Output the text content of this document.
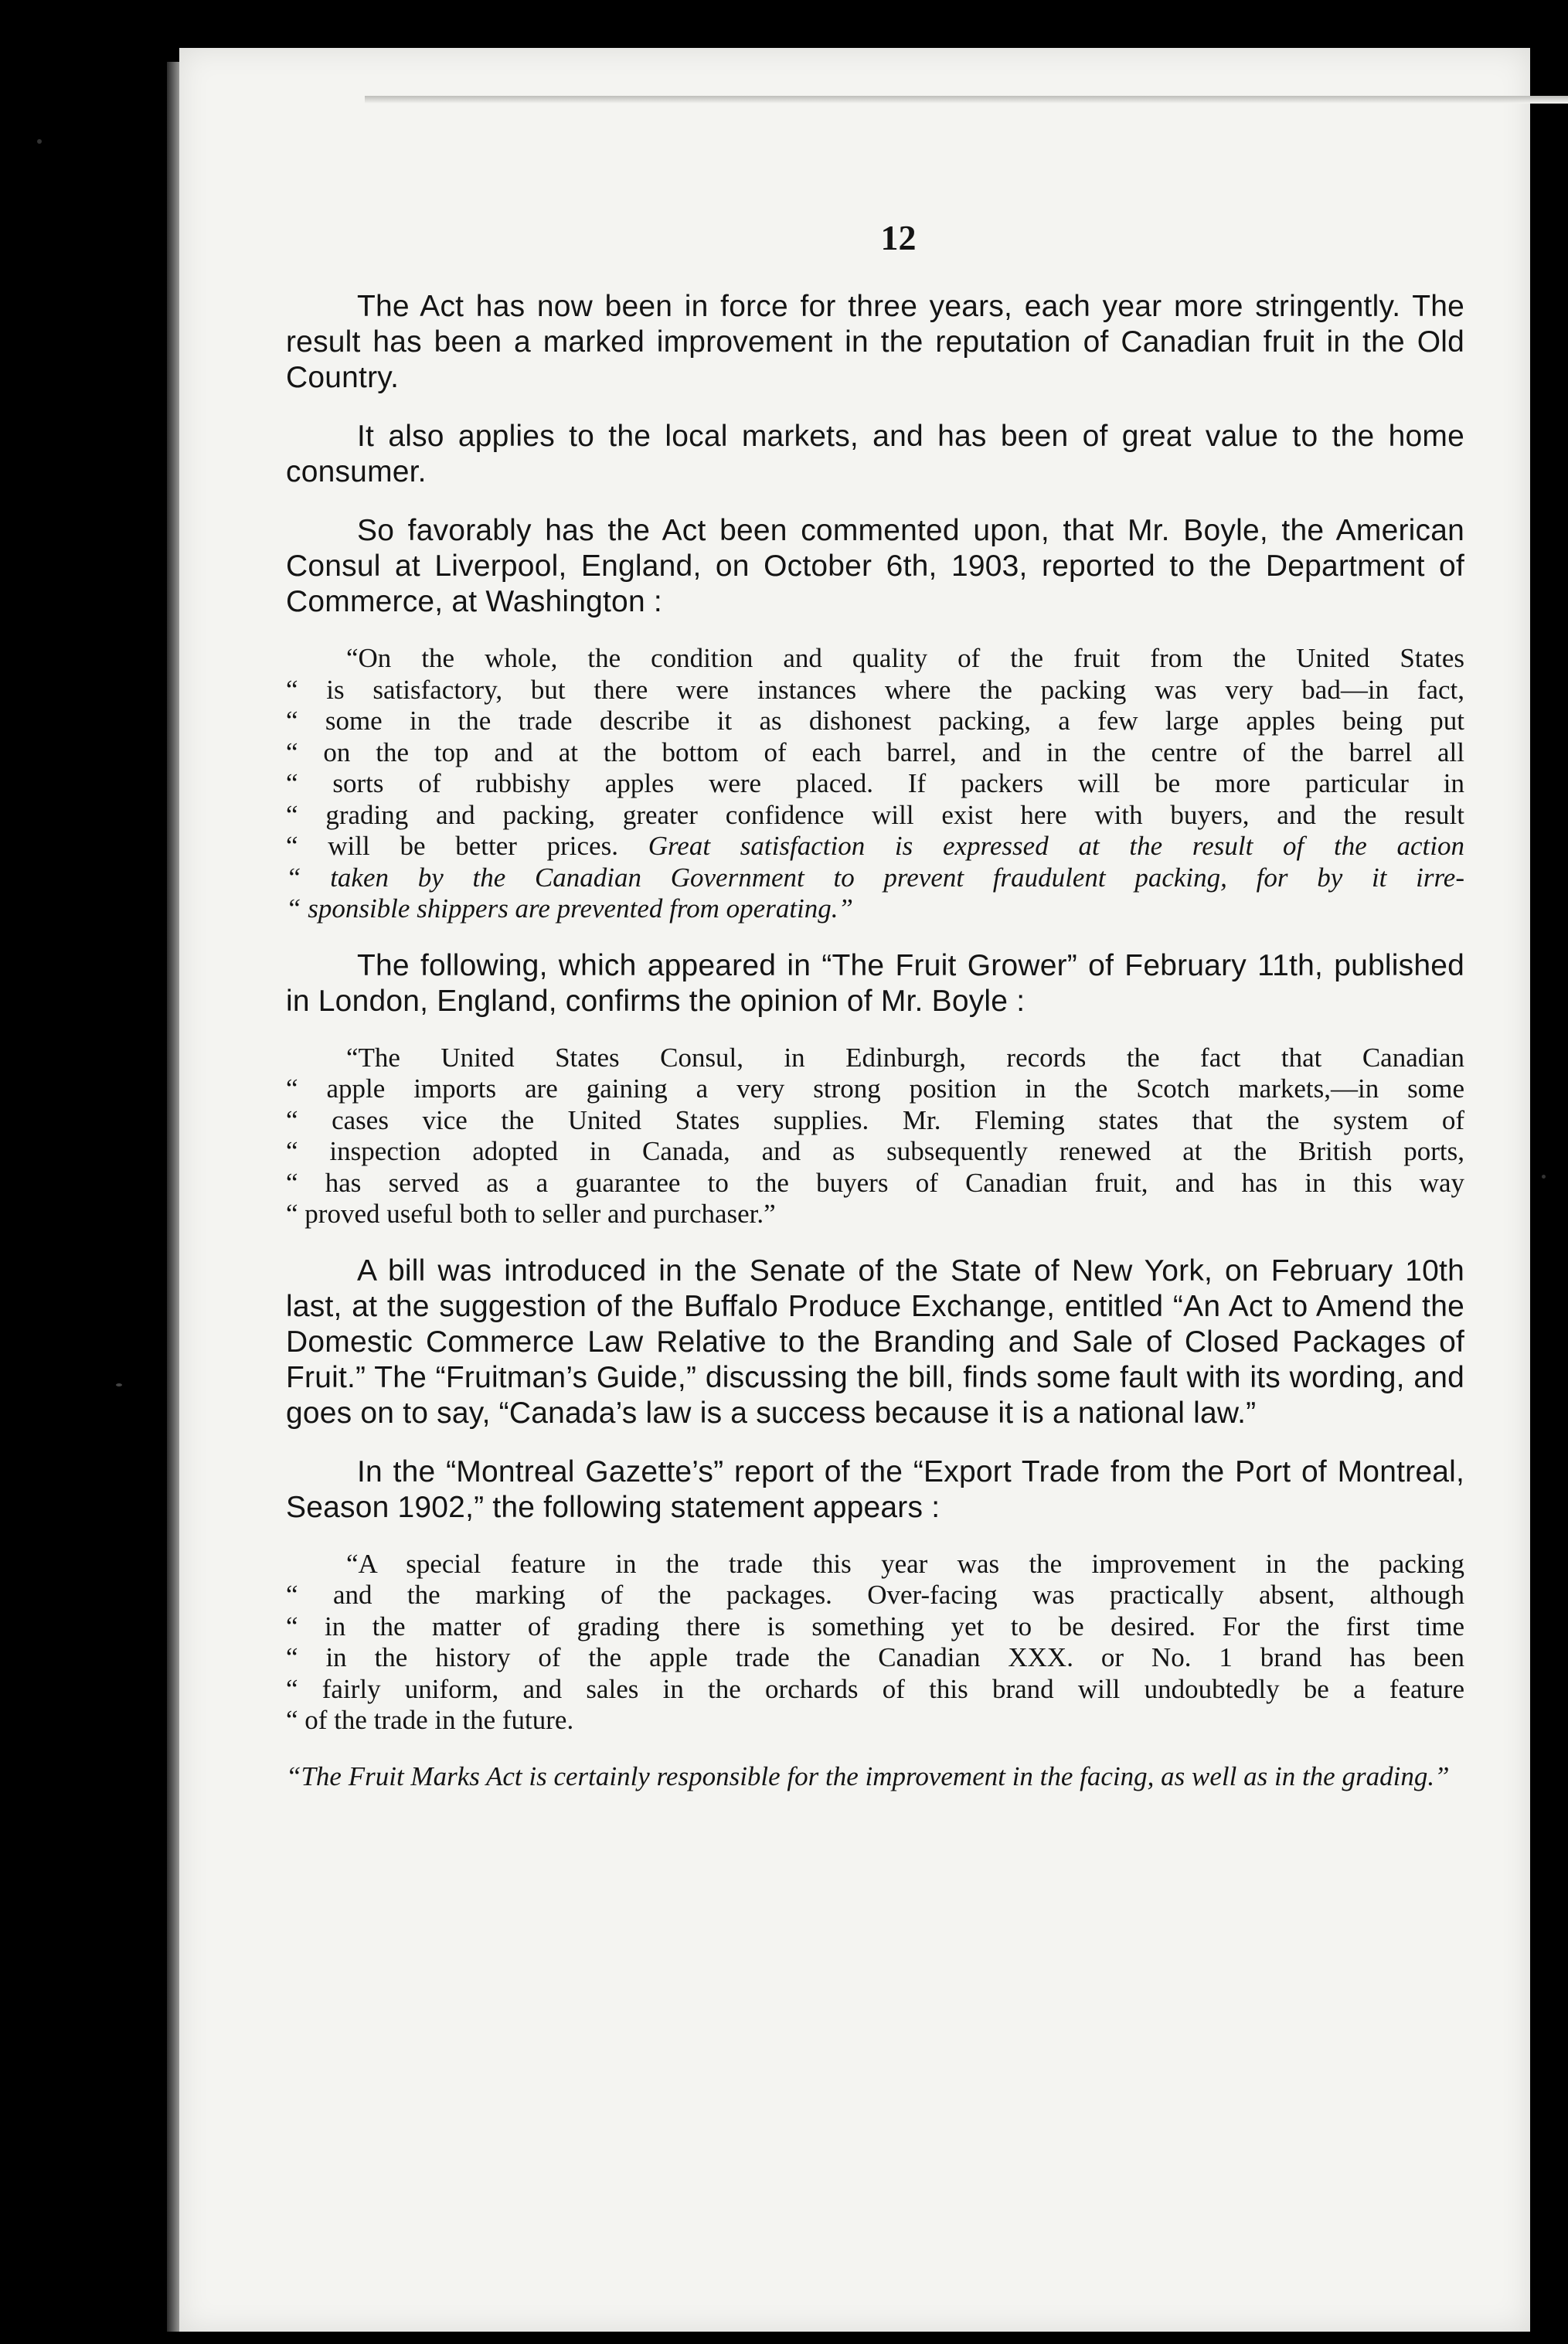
12

The Act has now been in force for three years, each year more stringently. The result has been a marked improvement in the reputation of Canadian fruit in the Old Country.

It also applies to the local markets, and has been of great value to the home consumer.

So favorably has the Act been commented upon, that Mr. Boyle, the American Consul at Liverpool, England, on October 6th, 1903, reported to the Department of Commerce, at Washington :

“On the whole, the condition and quality of the fruit from the United States
“ is satisfactory, but there were instances where the packing was very bad—in fact,
“ some in the trade describe it as dishonest packing, a few large apples being put
“ on the top and at the bottom of each barrel, and in the centre of the barrel all
“ sorts of rubbishy apples were placed. If packers will be more particular in
“ grading and packing, greater confidence will exist here with buyers, and the result
“ will be better prices. Great satisfaction is expressed at the result of the action
“ taken by the Canadian Government to prevent fraudulent packing, for by it irre-
“ sponsible shippers are prevented from operating.”

The following, which appeared in “The Fruit Grower” of February 11th, published in London, England, confirms the opinion of Mr. Boyle :

“The United States Consul, in Edinburgh, records the fact that Canadian
“ apple imports are gaining a very strong position in the Scotch markets,—in some
“ cases vice the United States supplies. Mr. Fleming states that the system of
“ inspection adopted in Canada, and as subsequently renewed at the British ports,
“ has served as a guarantee to the buyers of Canadian fruit, and has in this way
“ proved useful both to seller and purchaser.”

A bill was introduced in the Senate of the State of New York, on February 10th last, at the suggestion of the Buffalo Produce Exchange, entitled “An Act to Amend the Domestic Commerce Law Relative to the Branding and Sale of Closed Packages of Fruit.” The “Fruitman’s Guide,” discussing the bill, finds some fault with its wording, and goes on to say, “Canada’s law is a success because it is a national law.”

In the “Montreal Gazette’s” report of the “Export Trade from the Port of Montreal, Season 1902,” the following statement appears :

“A special feature in the trade this year was the improvement in the packing
“ and the marking of the packages. Over-facing was practically absent, although
“ in the matter of grading there is something yet to be desired. For the first time
“ in the history of the apple trade the Canadian XXX. or No. 1 brand has been
“ fairly uniform, and sales in the orchards of this brand will undoubtedly be a feature
“ of the trade in the future.

“The Fruit Marks Act is certainly responsible for the improvement in the facing, as well as in the grading.”
